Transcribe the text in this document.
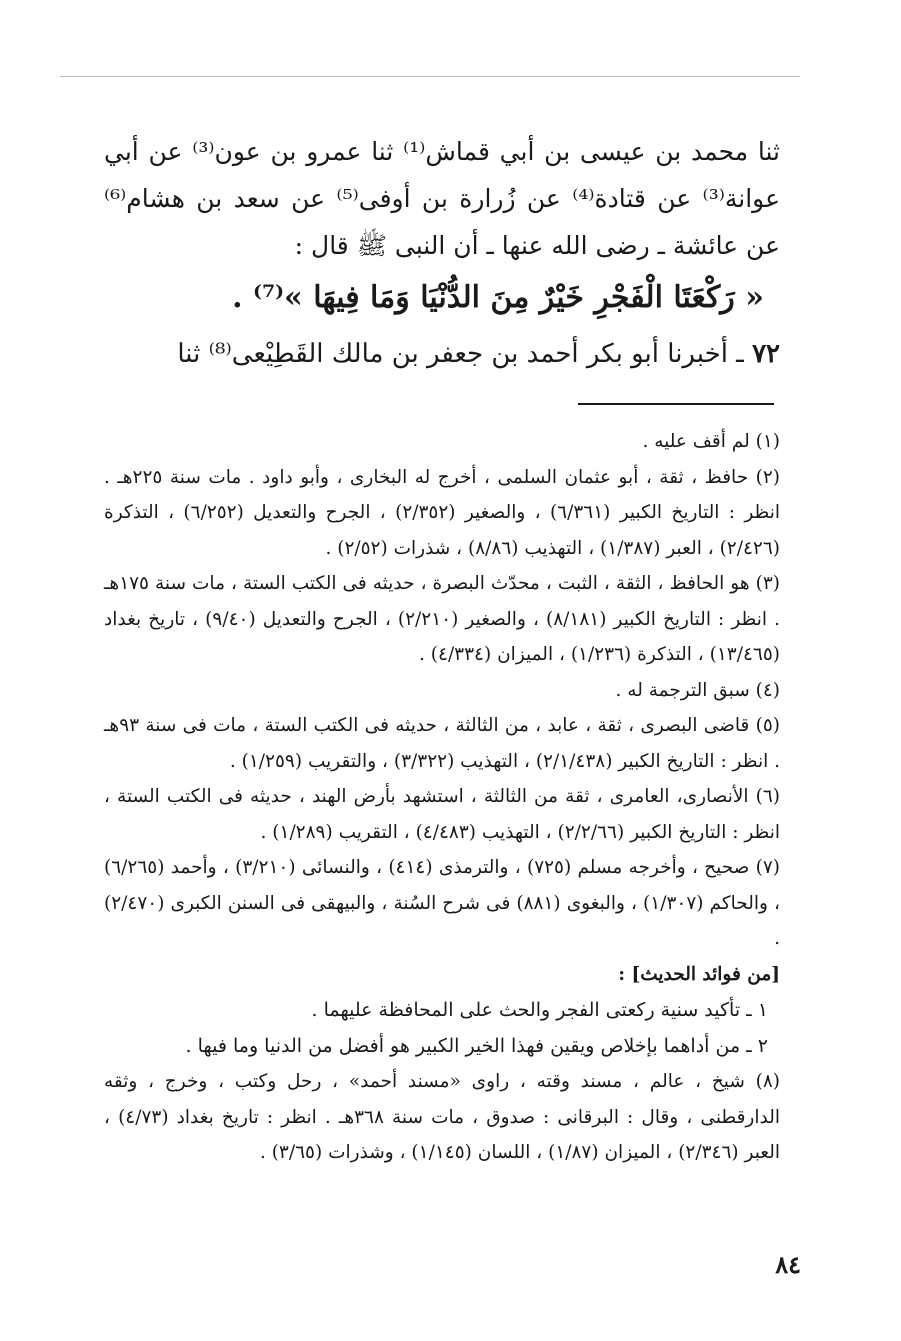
ثنا محمد بن عيسى بن أبي قماش⁽¹⁾ ثنا عمرو بن عون⁽³⁾ عن أبي عوانة⁽³⁾ عن قتادة⁽⁴⁾ عن زُرارة بن أوفى⁽⁵⁾ عن سعد بن هشام⁽⁶⁾ عن عائشة ـ رضى الله عنها ـ أن النبى ﷺ قال :

« رَكْعَتَا الْفَجْرِ خَيْرٌ مِنَ الدُّنْيَا وَمَا فِيهَا »⁽⁷⁾ .

٧٢ ـ أخبرنا أبو بكر أحمد بن جعفر بن مالك القَطِيْعى⁽⁸⁾ ثنا

(١) لم أقف عليه .

(٢) حافظ ، ثقة ، أبو عثمان السلمى ، أخرج له البخارى ، وأبو داود . مات سنة ٢٢٥هـ . انظر : التاريخ الكبير (٦/٣٦١) ، والصغير (٢/٣٥٢) ، الجرح والتعديل (٦/٢٥٢) ، التذكرة (٢/٤٢٦) ، العبر (١/٣٨٧) ، التهذيب (٨/٨٦) ، شذرات (٢/٥٢) .

(٣) هو الحافظ ، الثقة ، الثبت ، محدّث البصرة ، حديثه فى الكتب الستة ، مات سنة ١٧٥هـ . انظر : التاريخ الكبير (٨/١٨١) ، والصغير (٢/٢١٠) ، الجرح والتعديل (٩/٤٠) ، تاريخ بغداد (١٣/٤٦٥) ، التذكرة (١/٢٣٦) ، الميزان (٤/٣٣٤) .

(٤) سبق الترجمة له .

(٥) قاضى البصرى ، ثقة ، عابد ، من الثالثة ، حديثه فى الكتب الستة ، مات فى سنة ٩٣هـ . انظر : التاريخ الكبير (٢/١/٤٣٨) ، التهذيب (٣/٣٢٢) ، والتقريب (١/٢٥٩) .

(٦) الأنصارى، العامرى ، ثقة من الثالثة ، استشهد بأرض الهند ، حديثه فى الكتب الستة ، انظر : التاريخ الكبير (٢/٢/٦٦) ، التهذيب (٤/٤٨٣) ، التقريب (١/٢٨٩) .

(٧) صحيح ، وأخرجه مسلم (٧٢٥) ، والترمذى (٤١٤) ، والنسائى (٣/٢١٠) ، وأحمد (٦/٢٦٥) ، والحاكم (١/٣٠٧) ، والبغوى (٨٨١) فى شرح السُنة ، والبيهقى فى السنن الكبرى (٢/٤٧٠) .

[من فوائد الحديث] :

١ ـ تأكيد سنية ركعتى الفجر والحث على المحافظة عليهما .

٢ ـ من أداهما بإخلاص ويقين فهذا الخير الكبير هو أفضل من الدنيا وما فيها .

(٨) شيخ ، عالم ، مسند وقته ، راوى «مسند أحمد» ، رحل وكتب ، وخرج ، وثقه الدارقطنى ، وقال : البرقانى : صدوق ، مات سنة ٣٦٨هـ . انظر : تاريخ بغداد (٤/٧٣) ، العبر (٢/٣٤٦) ، الميزان (١/٨٧) ، اللسان (١/١٤٥) ، وشذرات (٣/٦٥) .

٨٤
